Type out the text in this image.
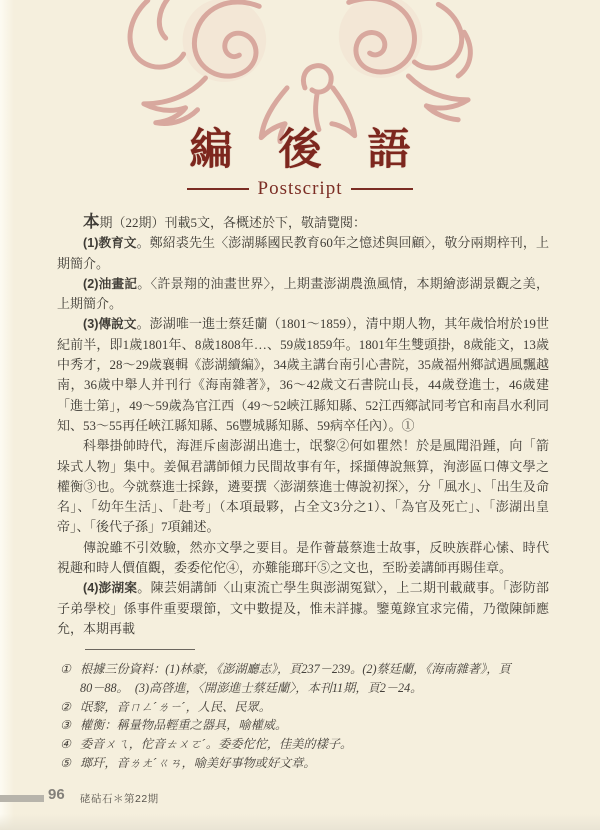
編 後 語
Postscript

本期（22期）刊載5文，各概述於下，敬請覽閱：

(1)教育文。鄭紹裘先生〈澎湖縣國民教育60年之憶述與回顧〉，敬分兩期梓刊，上期簡介。

(2)油畫記。〈許景翔的油畫世界〉，上期畫澎湖農漁風情，本期繪澎湖景觀之美，上期簡介。

(3)傳說文。澎湖唯一進士蔡廷蘭（1801～1859），清中期人物，其年歲恰坿於19世紀前半，即1歲1801年、8歲1808年…、59歲1859年。1801年生雙頭掛，8歲能文，13歲中秀才，28～29歲襄輯《澎湖續編》，34歲主講台南引心書院，35歲福州鄉試遇風飄越南，36歲中舉人并刊行《海南雜著》，36～42歲文石書院山長，44歲登進士，46歲建「進士第」，49～59歲為官江西（49～52峽江縣知縣、52江西鄉試同考官和南昌水利同知、53～55再任峽江縣知縣、56豐城縣知縣、59病卒任內）。①

科舉掛帥時代，海涯斥鹵澎湖出進士，氓黎②何如瞿然！於是風聞沿踵，向「箭垛式人物」集中。姜佩君講師傾力民間故事有年，採擷傳說無算，洵澎區口傳文學之權衡③也。今就蔡進士採錄，遴要撰〈澎湖蔡進士傳說初探〉，分「風水」、「出生及命名」、「幼年生活」、「赴考」（本項最夥，占全文3分之1）、「為官及死亡」、「澎湖出皇帝」、「後代子孫」7項鋪述。

傳說雖不引效驗，然亦文學之要目。是作薈蕞蔡進士故事，反映族群心愫、時代視趣和時人價值觀，委委佗佗④，亦難能瑯玕⑤之文也，至盼姜講師再賜佳章。

(4)澎湖案。陳芸娟講師〈山東流亡學生與澎湖冤獄〉，上二期刊載蕆事。「澎防部子弟學校」係事件重要環節，文中數提及，惟未詳據。鑒蒐錄宜求完備，乃徵陳師應允，本期再載

① 根據三份資料：(1)林豪，《澎湖廳志》，頁237－239。(2)蔡廷蘭，《海南雜著》，頁
80－88。　(3)高啓進，〈開澎進士蔡廷蘭〉，本刊11期，頁2－24。
② 氓黎，音ㄇㄥˊㄌㄧˊ，人民、民眾。
③ 權衡：稱量物品輕重之器具，喻權威。
④ 委音ㄨㄟ，佗音ㄊㄨㄛˊ。委委佗佗，佳美的樣子。
⑤ 瑯玕，音ㄌㄤˊㄍㄢ，喻美好事物或好文章。
96 硓𥑮石＊第22期
